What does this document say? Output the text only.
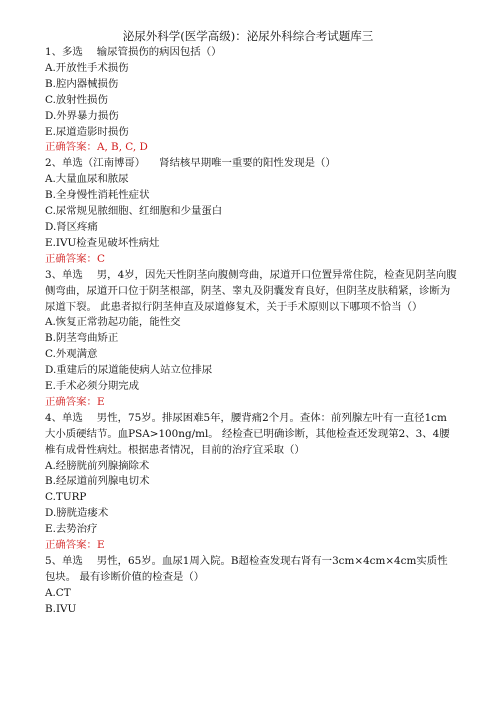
泌尿外科学(医学高级)：泌尿外科综合考试题库三
1、多选 输尿管损伤的病因包括（）
A.开放性手术损伤
B.腔内器械损伤
C.放射性损伤
D.外界暴力损伤
E.尿道造影时损伤
正确答案：A, B, C, D
2、单选（江南博哥） 肾结核早期唯一重要的阳性发现是（）
A.大量血尿和脓尿
B.全身慢性消耗性症状
C.尿常规见脓细胞、红细胞和少量蛋白
D.肾区疼痛
E.IVU检查见破坏性病灶
正确答案：C
3、单选 男，4岁，因先天性阴茎向腹侧弯曲，尿道开口位置异常住院，检查见阴茎向腹侧弯曲，尿道开口位于阴茎根部，阴茎、睾丸及阴囊发育良好，但阴茎皮肤稍紧，诊断为尿道下裂。 此患者拟行阴茎伸直及尿道修复术，关于手术原则以下哪项不恰当（）
A.恢复正常勃起功能，能性交
B.阴茎弯曲矫正
C.外观满意
D.重建后的尿道能使病人站立位排尿
E.手术必须分期完成
正确答案：E
4、单选 男性，75岁。排尿困难5年，腰背痛2个月。查体：前列腺左叶有一直径1cm大小质硬结节。血PSA>100ng/ml。 经检查已明确诊断，其他检查还发现第2、3、4腰椎有成骨性病灶。根据患者情况，目前的治疗宜采取（）
A.经膀胱前列腺摘除术
B.经尿道前列腺电切术
C.TURP
D.膀胱造瘘术
E.去势治疗
正确答案：E
5、单选 男性，65岁。血尿1周入院。B超检查发现右肾有一3cm×4cm×4cm实质性包块。 最有诊断价值的检查是（）
A.CT
B.IVU
